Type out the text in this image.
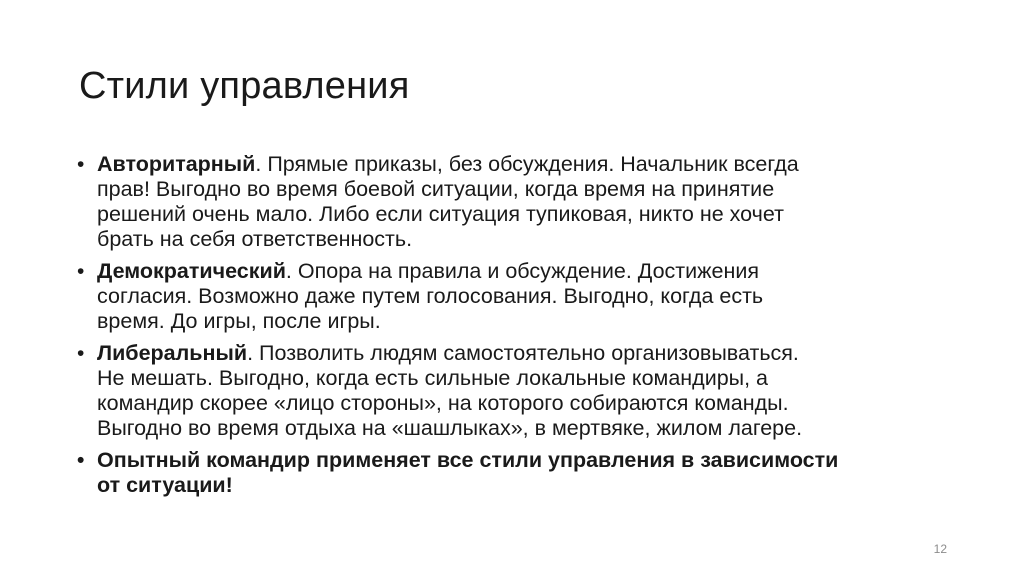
Стили управления
• Авторитарный. Прямые приказы, без обсуждения. Начальник всегда
прав! Выгодно во время боевой ситуации, когда время на принятие
решений очень мало. Либо если ситуация тупиковая, никто не хочет
брать на себя ответственность.
• Демократический. Опора на правила и обсуждение. Достижения
согласия. Возможно даже путем голосования. Выгодно, когда есть
время. До игры, после игры.
• Либеральный. Позволить людям самостоятельно организовываться.
Не мешать. Выгодно, когда есть сильные локальные командиры, а
командир скорее «лицо стороны», на которого собираются команды.
Выгодно во время отдыха на «шашлыках», в мертвяке, жилом лагере.
• Опытный командир применяет все стили управления в зависимости
от ситуации!
12
